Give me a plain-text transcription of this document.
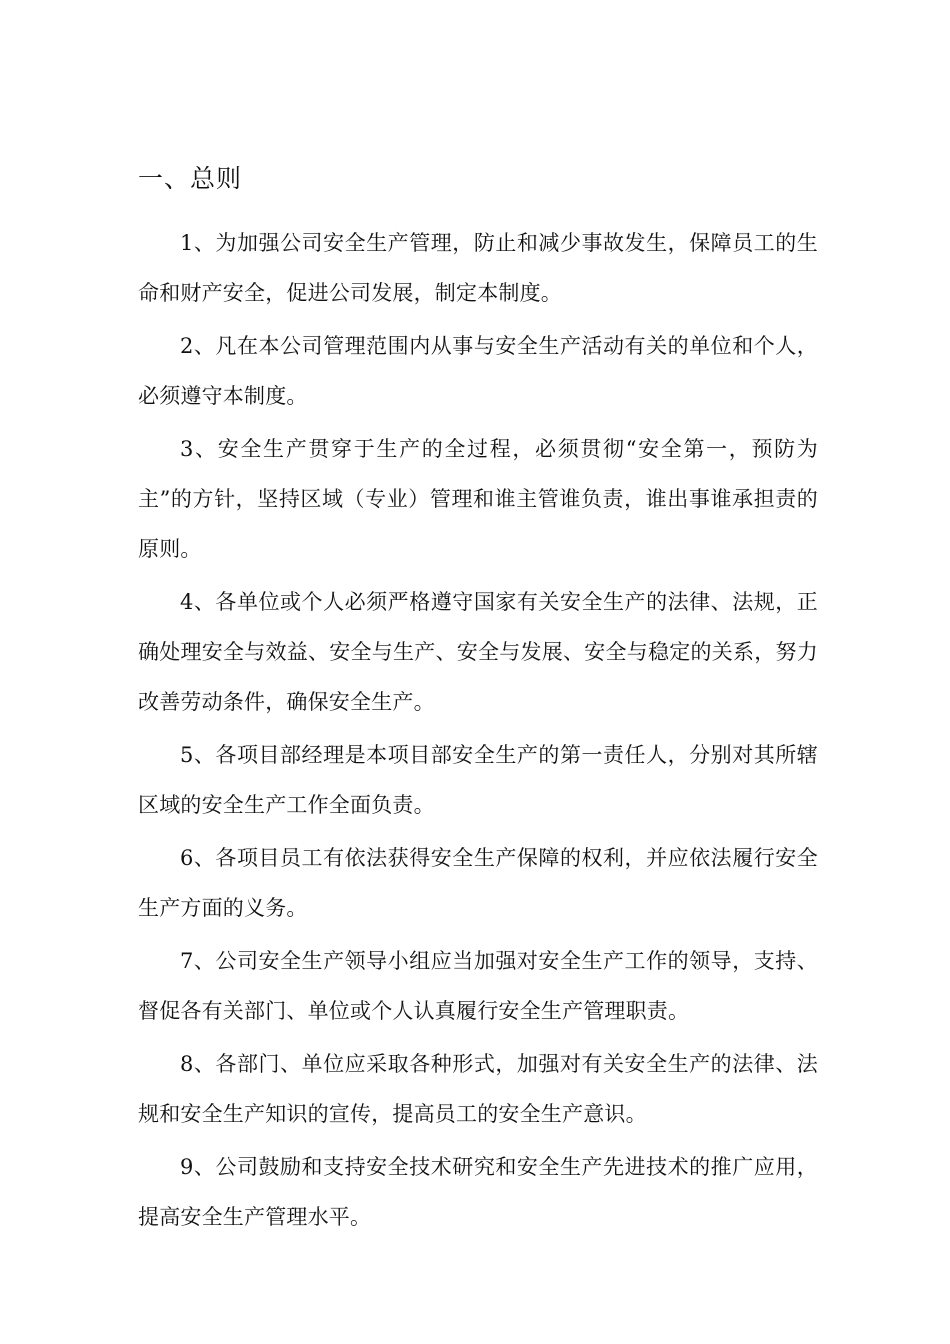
一、总则

1、为加强公司安全生产管理，防止和减少事故发生，保障员工的生命和财产安全，促进公司发展，制定本制度。

2、凡在本公司管理范围内从事与安全生产活动有关的单位和个人，必须遵守本制度。

3、安全生产贯穿于生产的全过程，必须贯彻“安全第一，预防为主”的方针，坚持区域（专业）管理和谁主管谁负责，谁出事谁承担责的原则。

4、各单位或个人必须严格遵守国家有关安全生产的法律、法规，正确处理安全与效益、安全与生产、安全与发展、安全与稳定的关系，努力改善劳动条件，确保安全生产。

5、各项目部经理是本项目部安全生产的第一责任人，分别对其所辖区域的安全生产工作全面负责。

6、各项目员工有依法获得安全生产保障的权利，并应依法履行安全生产方面的义务。

7、公司安全生产领导小组应当加强对安全生产工作的领导，支持、督促各有关部门、单位或个人认真履行安全生产管理职责。

8、各部门、单位应采取各种形式，加强对有关安全生产的法律、法规和安全生产知识的宣传，提高员工的安全生产意识。

9、公司鼓励和支持安全技术研究和安全生产先进技术的推广应用，提高安全生产管理水平。
